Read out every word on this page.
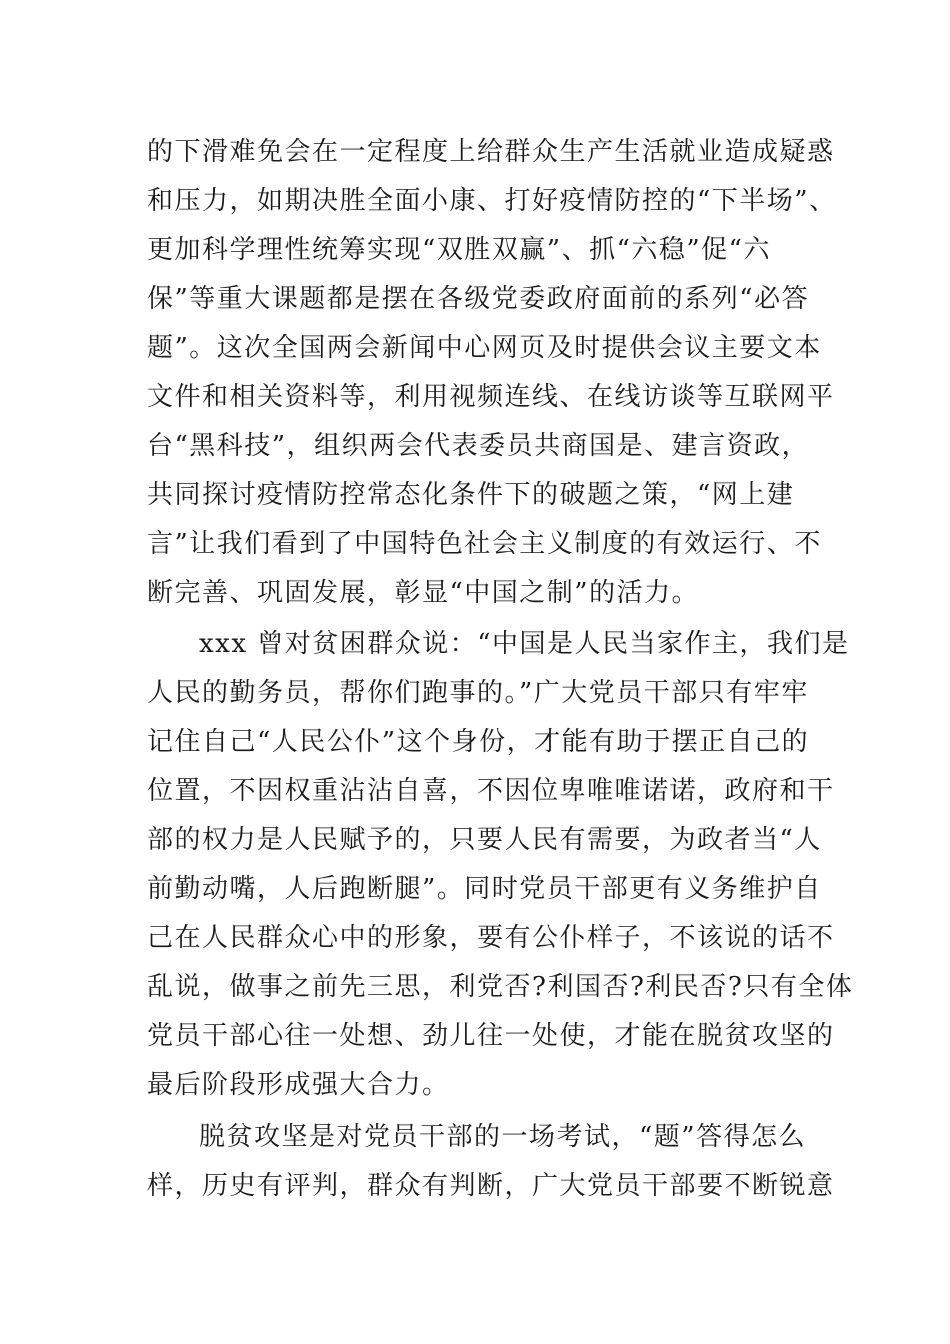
的下滑难免会在一定程度上给群众生产生活就业造成疑惑
和压力，如期决胜全面小康、打好疫情防控的“下半场”、
更加科学理性统筹实现“双胜双赢”、抓“六稳”促“六
保”等重大课题都是摆在各级党委政府面前的系列“必答
题”。这次全国两会新闻中心网页及时提供会议主要文本
文件和相关资料等，利用视频连线、在线访谈等互联网平
台“黑科技”，组织两会代表委员共商国是、建言资政，
共同探讨疫情防控常态化条件下的破题之策，“网上建
言”让我们看到了中国特色社会主义制度的有效运行、不
断完善、巩固发展，彰显“中国之制”的活力。
xxx 曾对贫困群众说：“中国是人民当家作主，我们是
人民的勤务员，帮你们跑事的。”广大党员干部只有牢牢
记住自己“人民公仆”这个身份，才能有助于摆正自己的
位置，不因权重沾沾自喜，不因位卑唯唯诺诺，政府和干
部的权力是人民赋予的，只要人民有需要，为政者当“人
前勤动嘴，人后跑断腿”。同时党员干部更有义务维护自
己在人民群众心中的形象，要有公仆样子，不该说的话不
乱说，做事之前先三思，利党否?利国否?利民否?只有全体
党员干部心往一处想、劲儿往一处使，才能在脱贫攻坚的
最后阶段形成强大合力。
脱贫攻坚是对党员干部的一场考试，“题”答得怎么
样，历史有评判，群众有判断，广大党员干部要不断锐意
